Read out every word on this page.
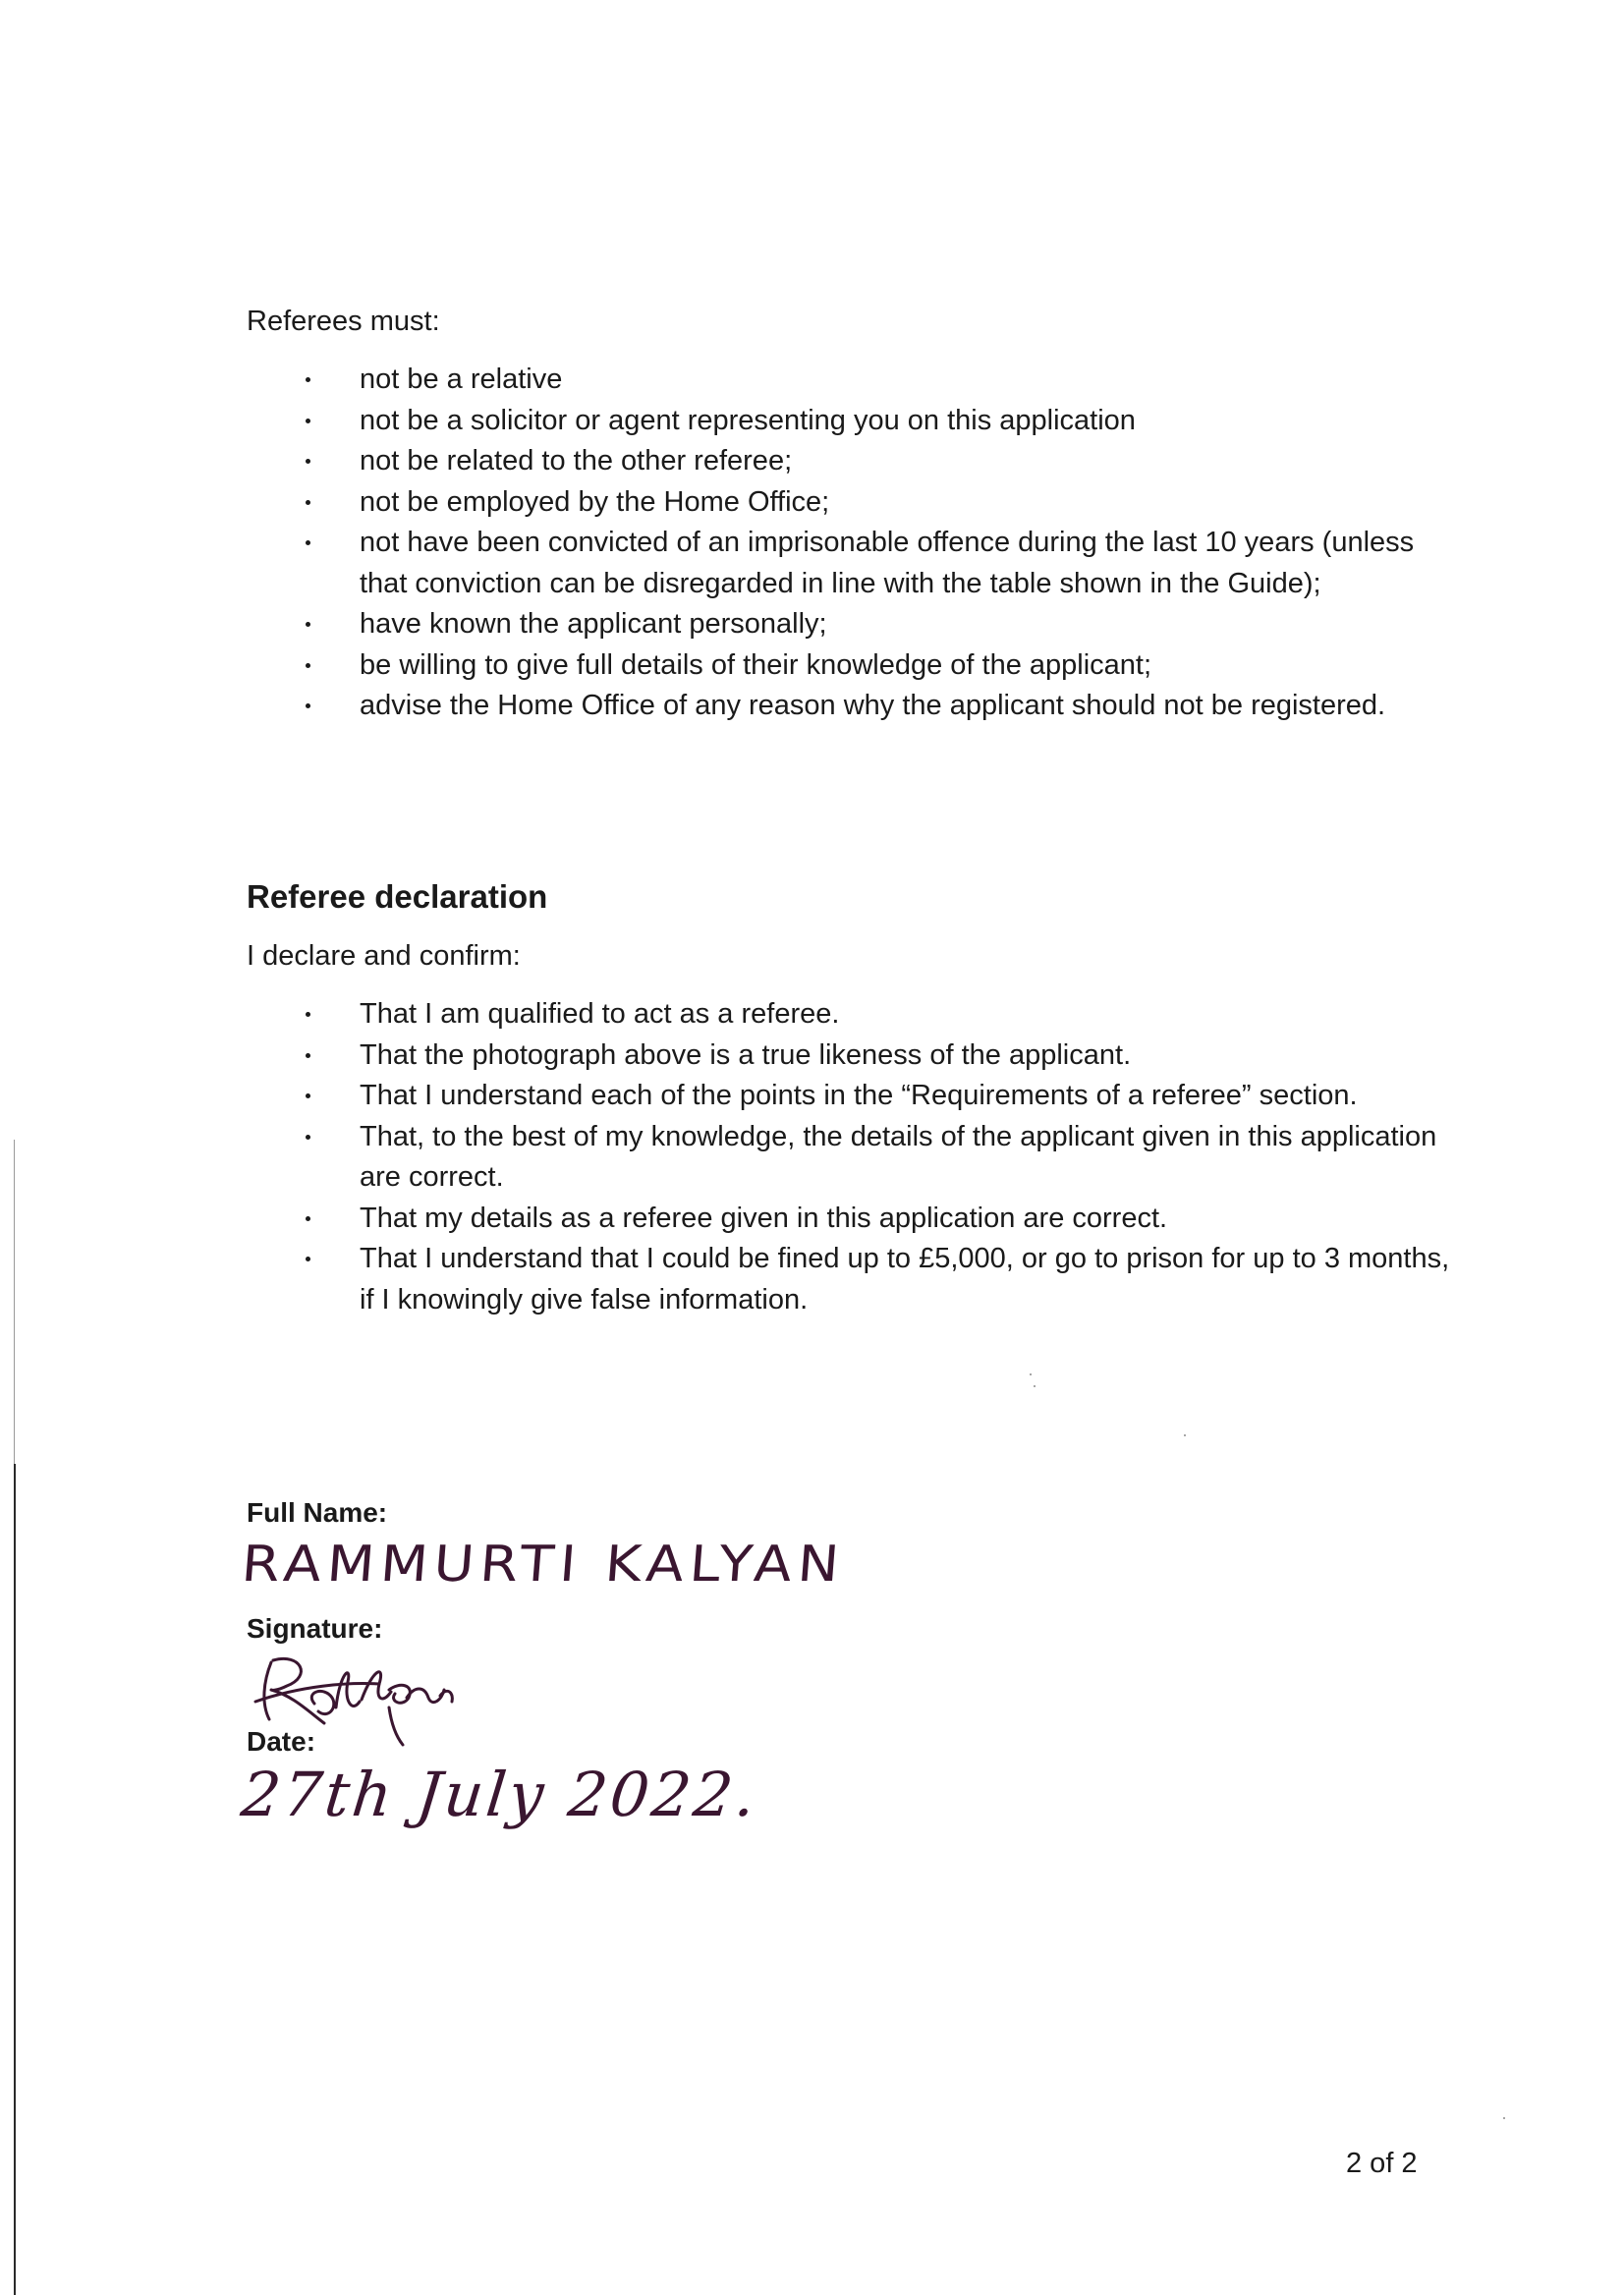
Referees must:

not be a relative
not be a solicitor or agent representing you on this application
not be related to the other referee;
not be employed by the Home Office;
not have been convicted of an imprisonable offence during the last 10 years (unless that conviction can be disregarded in line with the table shown in the Guide);
have known the applicant personally;
be willing to give full details of their knowledge of the applicant;
advise the Home Office of any reason why the applicant should not be registered.
Referee declaration

I declare and confirm:

That I am qualified to act as a referee.
That the photograph above is a true likeness of the applicant.
That I understand each of the points in the “Requirements of a referee” section.
That, to the best of my knowledge, the details of the applicant given in this application are correct.
That my details as a referee given in this application are correct.
That I understand that I could be fined up to £5,000, or go to prison for up to 3 months, if I knowingly give false information.

Full Name:

RAMMURTI KALYAN

Signature:

Date:

27th July 2022.

2 of 2
